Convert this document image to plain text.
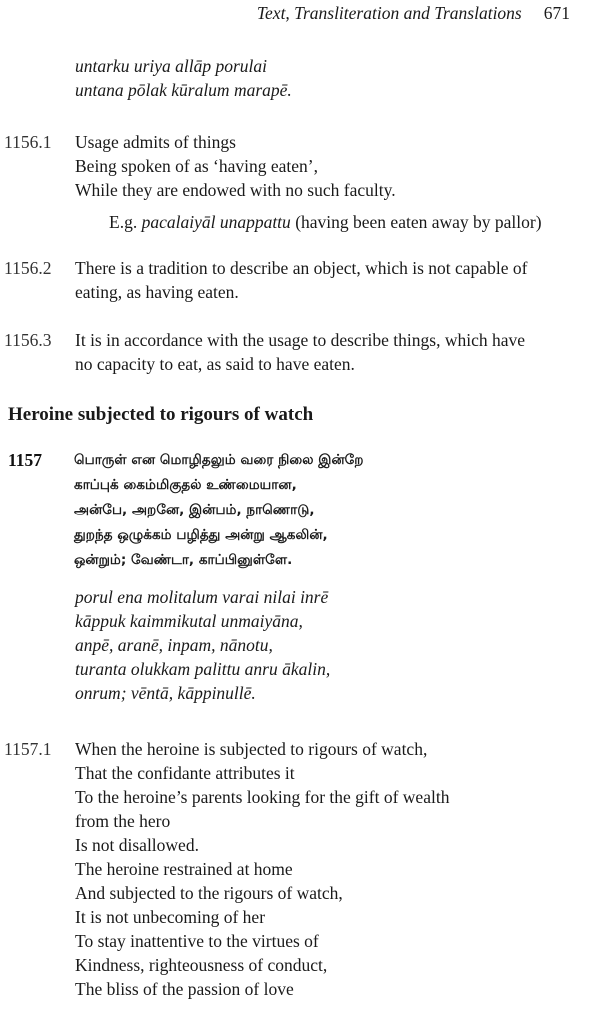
Text, Transliteration and Translations 671
untarku uriya allāp porulai
untana pōlak kūralum marapē.
1156.1 Usage admits of things
Being spoken of as ‘having eaten’,
While they are endowed with no such faculty.
E.g. pacalaiyāl unappattu (having been eaten away by pallor)
1156.2 There is a tradition to describe an object, which is not capable of
eating, as having eaten.
1156.3 It is in accordance with the usage to describe things, which have
no capacity to eat, as said to have eaten.
Heroine subjected to rigours of watch
1157 பொருள் என மொழிதலும் வரை நிலை இன்றே
காப்புக் கைம்மிகுதல் உண்மையான,
அன்பே, அறனே, இன்பம், நாணொடு,
துறந்த ஒழுக்கம் பழித்து அன்று ஆகலின்,
ஒன்றும்; வேண்டா, காப்பினுள்ளே.
porul ena molitalum varai nilai inrē
kāppuk kaimmikutal unmaiyāna,
anpē, aranē, inpam, nānotu,
turanta olukkam palittu anru ākalin,
onrum; vēntā, kāppinullē.
1157.1 When the heroine is subjected to rigours of watch,
That the confidante attributes it
To the heroine’s parents looking for the gift of wealth
from the hero
Is not disallowed.
The heroine restrained at home
And subjected to the rigours of watch,
It is not unbecoming of her
To stay inattentive to the virtues of
Kindness, righteousness of conduct,
The bliss of the passion of love
